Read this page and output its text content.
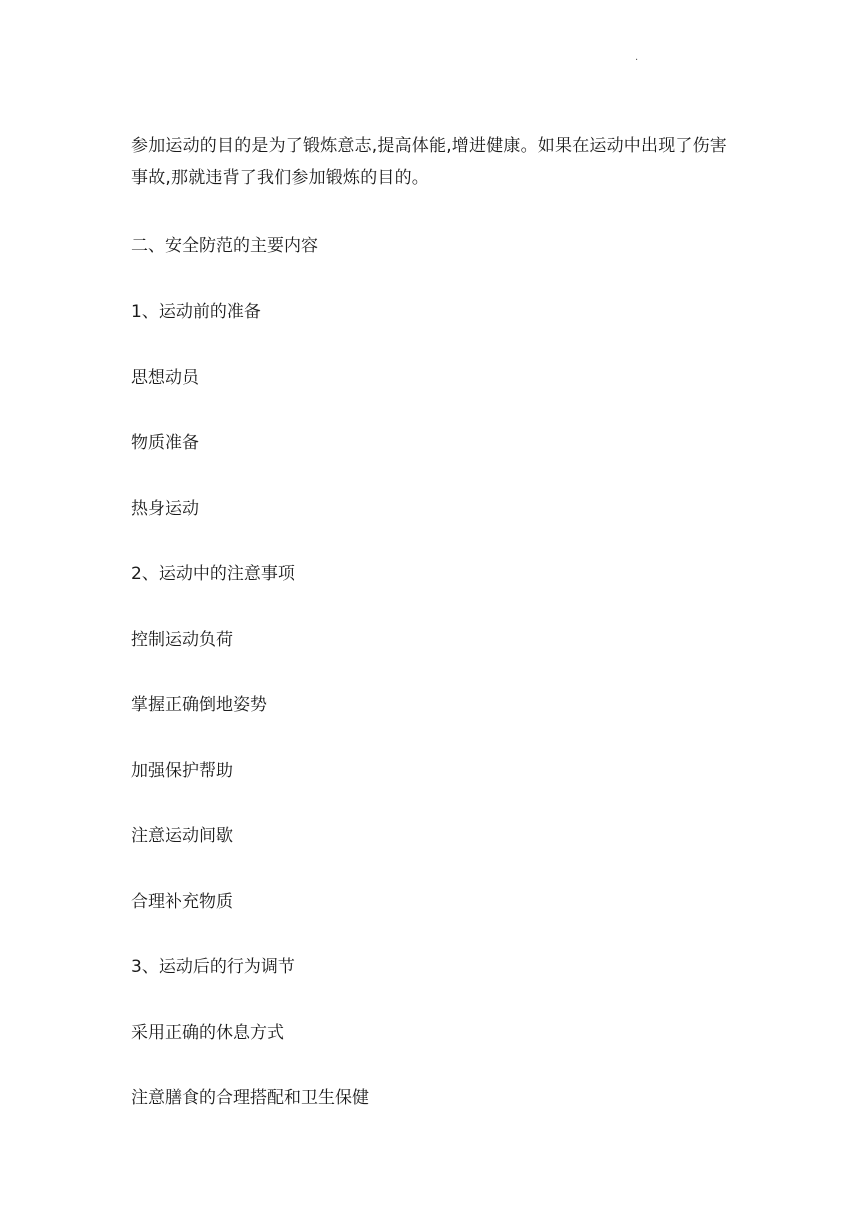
·

参加运动的目的是为了锻炼意志,提高体能,增进健康。如果在运动中出现了伤害事故,那就违背了我们参加锻炼的目的。

二、安全防范的主要内容

1、运动前的准备

思想动员

物质准备

热身运动

2、运动中的注意事项

控制运动负荷

掌握正确倒地姿势

加强保护帮助

注意运动间歇

合理补充物质

3、运动后的行为调节

采用正确的休息方式

注意膳食的合理搭配和卫生保健
